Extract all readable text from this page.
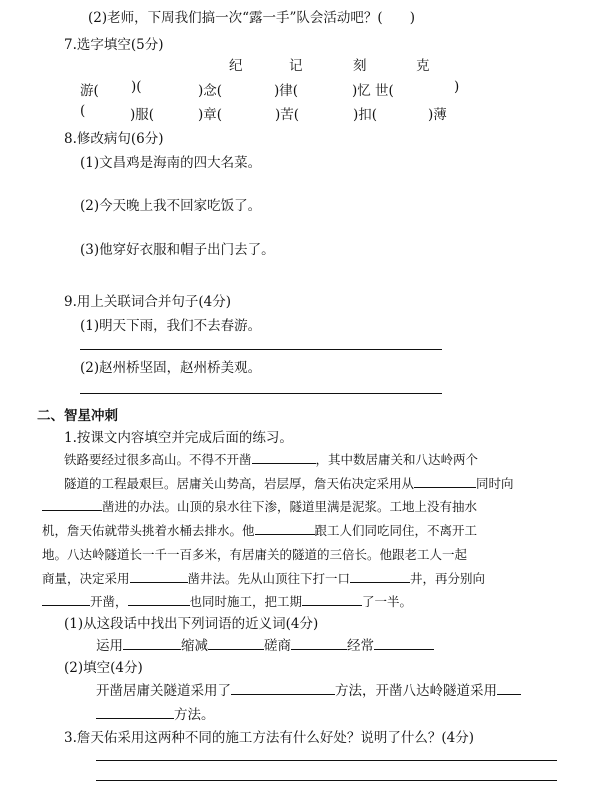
(2)老师，下周我们搞一次“露一手”队会活动吧？(　　)
7.选字填空(5分)
纪	记	刻	克
游( )(	)念(	)律(	)忆 世(	)
(	)服(	)章(	)苦(	)扣(	)薄
8.修改病句(6分)
(1)文昌鸡是海南的四大名菜。
(2)今天晚上我不回家吃饭了。
(3)他穿好衣服和帽子出门去了。
9.用上关联词合并句子(4分)
(1)明天下雨，我们不去春游。
(2)赵州桥坚固，赵州桥美观。
二、智星冲刺
1.按课文内容填空并完成后面的练习。
铁路要经过很多高山。不得不开凿	，其中数居庸关和八达岭两个
隧道的工程最艰巨。居庸关山势高，岩层厚，詹天佑决定采用从	同时向
凿进的办法。山顶的泉水往下渗，隧道里满是泥浆。工地上没有抽水
机，詹天佑就带头挑着水桶去排水。他	跟工人们同吃同住，不离开工
地。八达岭隧道长一千一百多米，有居庸关的隧道的三倍长。他跟老工人一起
商量，决定采用	凿井法。先从山顶往下打一口	井，再分别向
开凿，	也同时施工，把工期	了一半。
(1)从这段话中找出下列词语的近义词(4分)
运用	缩减	磋商	经常
(2)填空(4分)
开凿居庸关隧道采用了	方法，开凿八达岭隧道采用
方法。
3.詹天佑采用这两种不同的施工方法有什么好处？说明了什么？(4分)
